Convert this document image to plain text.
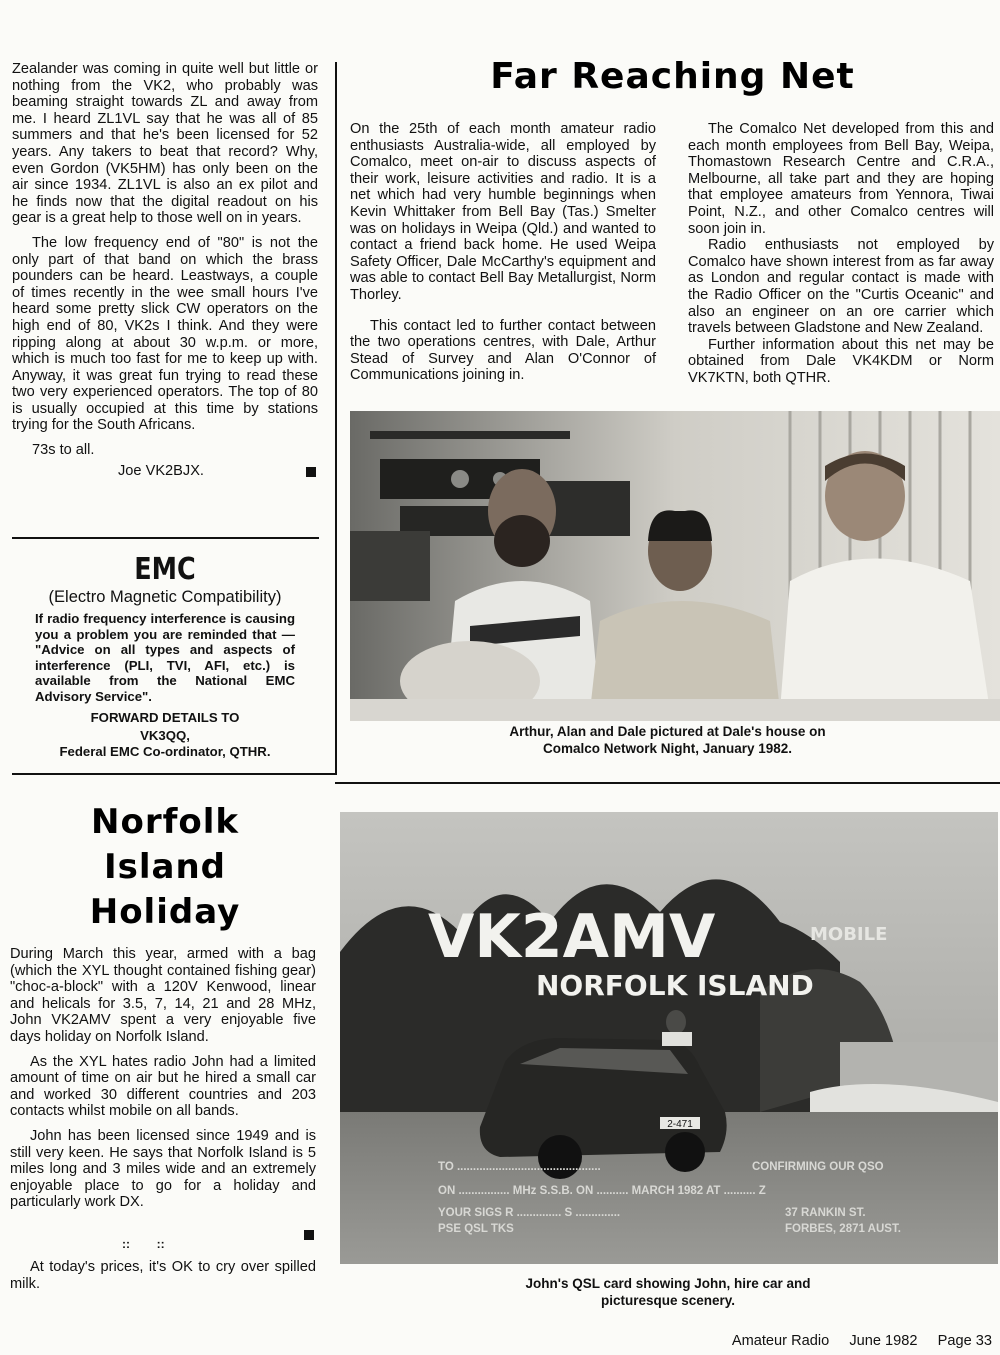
Zealander was coming in quite well but little or nothing from the VK2, who probably was beaming straight towards ZL and away from me. I heard ZL1VL say that he was all of 85 summers and that he's been licensed for 52 years. Any takers to beat that record? Why, even Gordon (VK5HM) has only been on the air since 1934. ZL1VL is also an ex pilot and he finds now that the digital readout on his gear is a great help to those well on in years.

The low frequency end of "80" is not the only part of that band on which the brass pounders can be heard. Leastways, a couple of times recently in the wee small hours I've heard some pretty slick CW operators on the high end of 80, VK2s I think. And they were ripping along at about 30 w.p.m. or more, which is much too fast for me to keep up with. Anyway, it was great fun trying to read these two very experienced operators. The top of 80 is usually occupied at this time by stations trying for the South Africans.

73s to all.

Joe VK2BJX.
EMC
(Electro Magnetic Compatibility)
If radio frequency interference is causing you a problem you are reminded that — "Advice on all types and aspects of interference (PLI, TVI, AFI, etc.) is available from the National EMC Advisory Service".
FORWARD DETAILS TO
VK3QQ,
Federal EMC Co-ordinator, QTHR.
Far Reaching Net

On the 25th of each month amateur radio enthusiasts Australia-wide, all employed by Comalco, meet on-air to discuss aspects of their work, leisure activities and radio. It is a net which had very humble beginnings when Kevin Whittaker from Bell Bay (Tas.) Smelter was on holidays in Weipa (Qld.) and wanted to contact a friend back home. He used Weipa Safety Officer, Dale McCarthy's equipment and was able to contact Bell Bay Metallurgist, Norm Thorley.

This contact led to further contact between the two operations centres, with Dale, Arthur Stead of Survey and Alan O'Connor of Communications joining in.

The Comalco Net developed from this and each month employees from Bell Bay, Weipa, Thomastown Research Centre and C.R.A., Melbourne, all take part and they are hoping that employee amateurs from Yennora, Tiwai Point, N.Z., and other Comalco centres will soon join in.

Radio enthusiasts not employed by Comalco have shown interest from as far away as London and regular contact is made with the Radio Officer on the "Curtis Oceanic" and also an engineer on an ore carrier which travels between Gladstone and New Zealand.

Further information about this net may be obtained from Dale VK4KDM or Norm VK7KTN, both QTHR.

Arthur, Alan and Dale pictured at Dale's house on Comalco Network Night, January 1982.
Norfolk
Island
Holiday

During March this year, armed with a bag (which the XYL thought contained fishing gear) "choc-a-block" with a 120V Kenwood, linear and helicals for 3.5, 7, 14, 21 and 28 MHz, John VK2AMV spent a very enjoyable five days holiday on Norfolk Island.

As the XYL hates radio John had a limited amount of time on air but he hired a small car and worked 30 different countries and 203 contacts whilst mobile on all bands.

John has been licensed since 1949 and is still very keen. He says that Norfolk Island is 5 miles long and 3 miles wide and an extremely enjoyable place to go for a holiday and particularly work DX.

::        ::

At today's prices, it's OK to cry over spilled milk.

2-471
VK2AMV	MOBILE
NORFOLK ISLAND
TO .............................................	CONFIRMING OUR QSO
ON ................ MHz S.S.B. ON .......... MARCH 1982 AT .......... Z
YOUR SIGS R .............. S ..............	37 RANKIN ST.
PSE QSL TKS	FORBES, 2871 AUST.
John's QSL card showing John, hire car and picturesque scenery.
Amateur Radio June 1982 Page 33
